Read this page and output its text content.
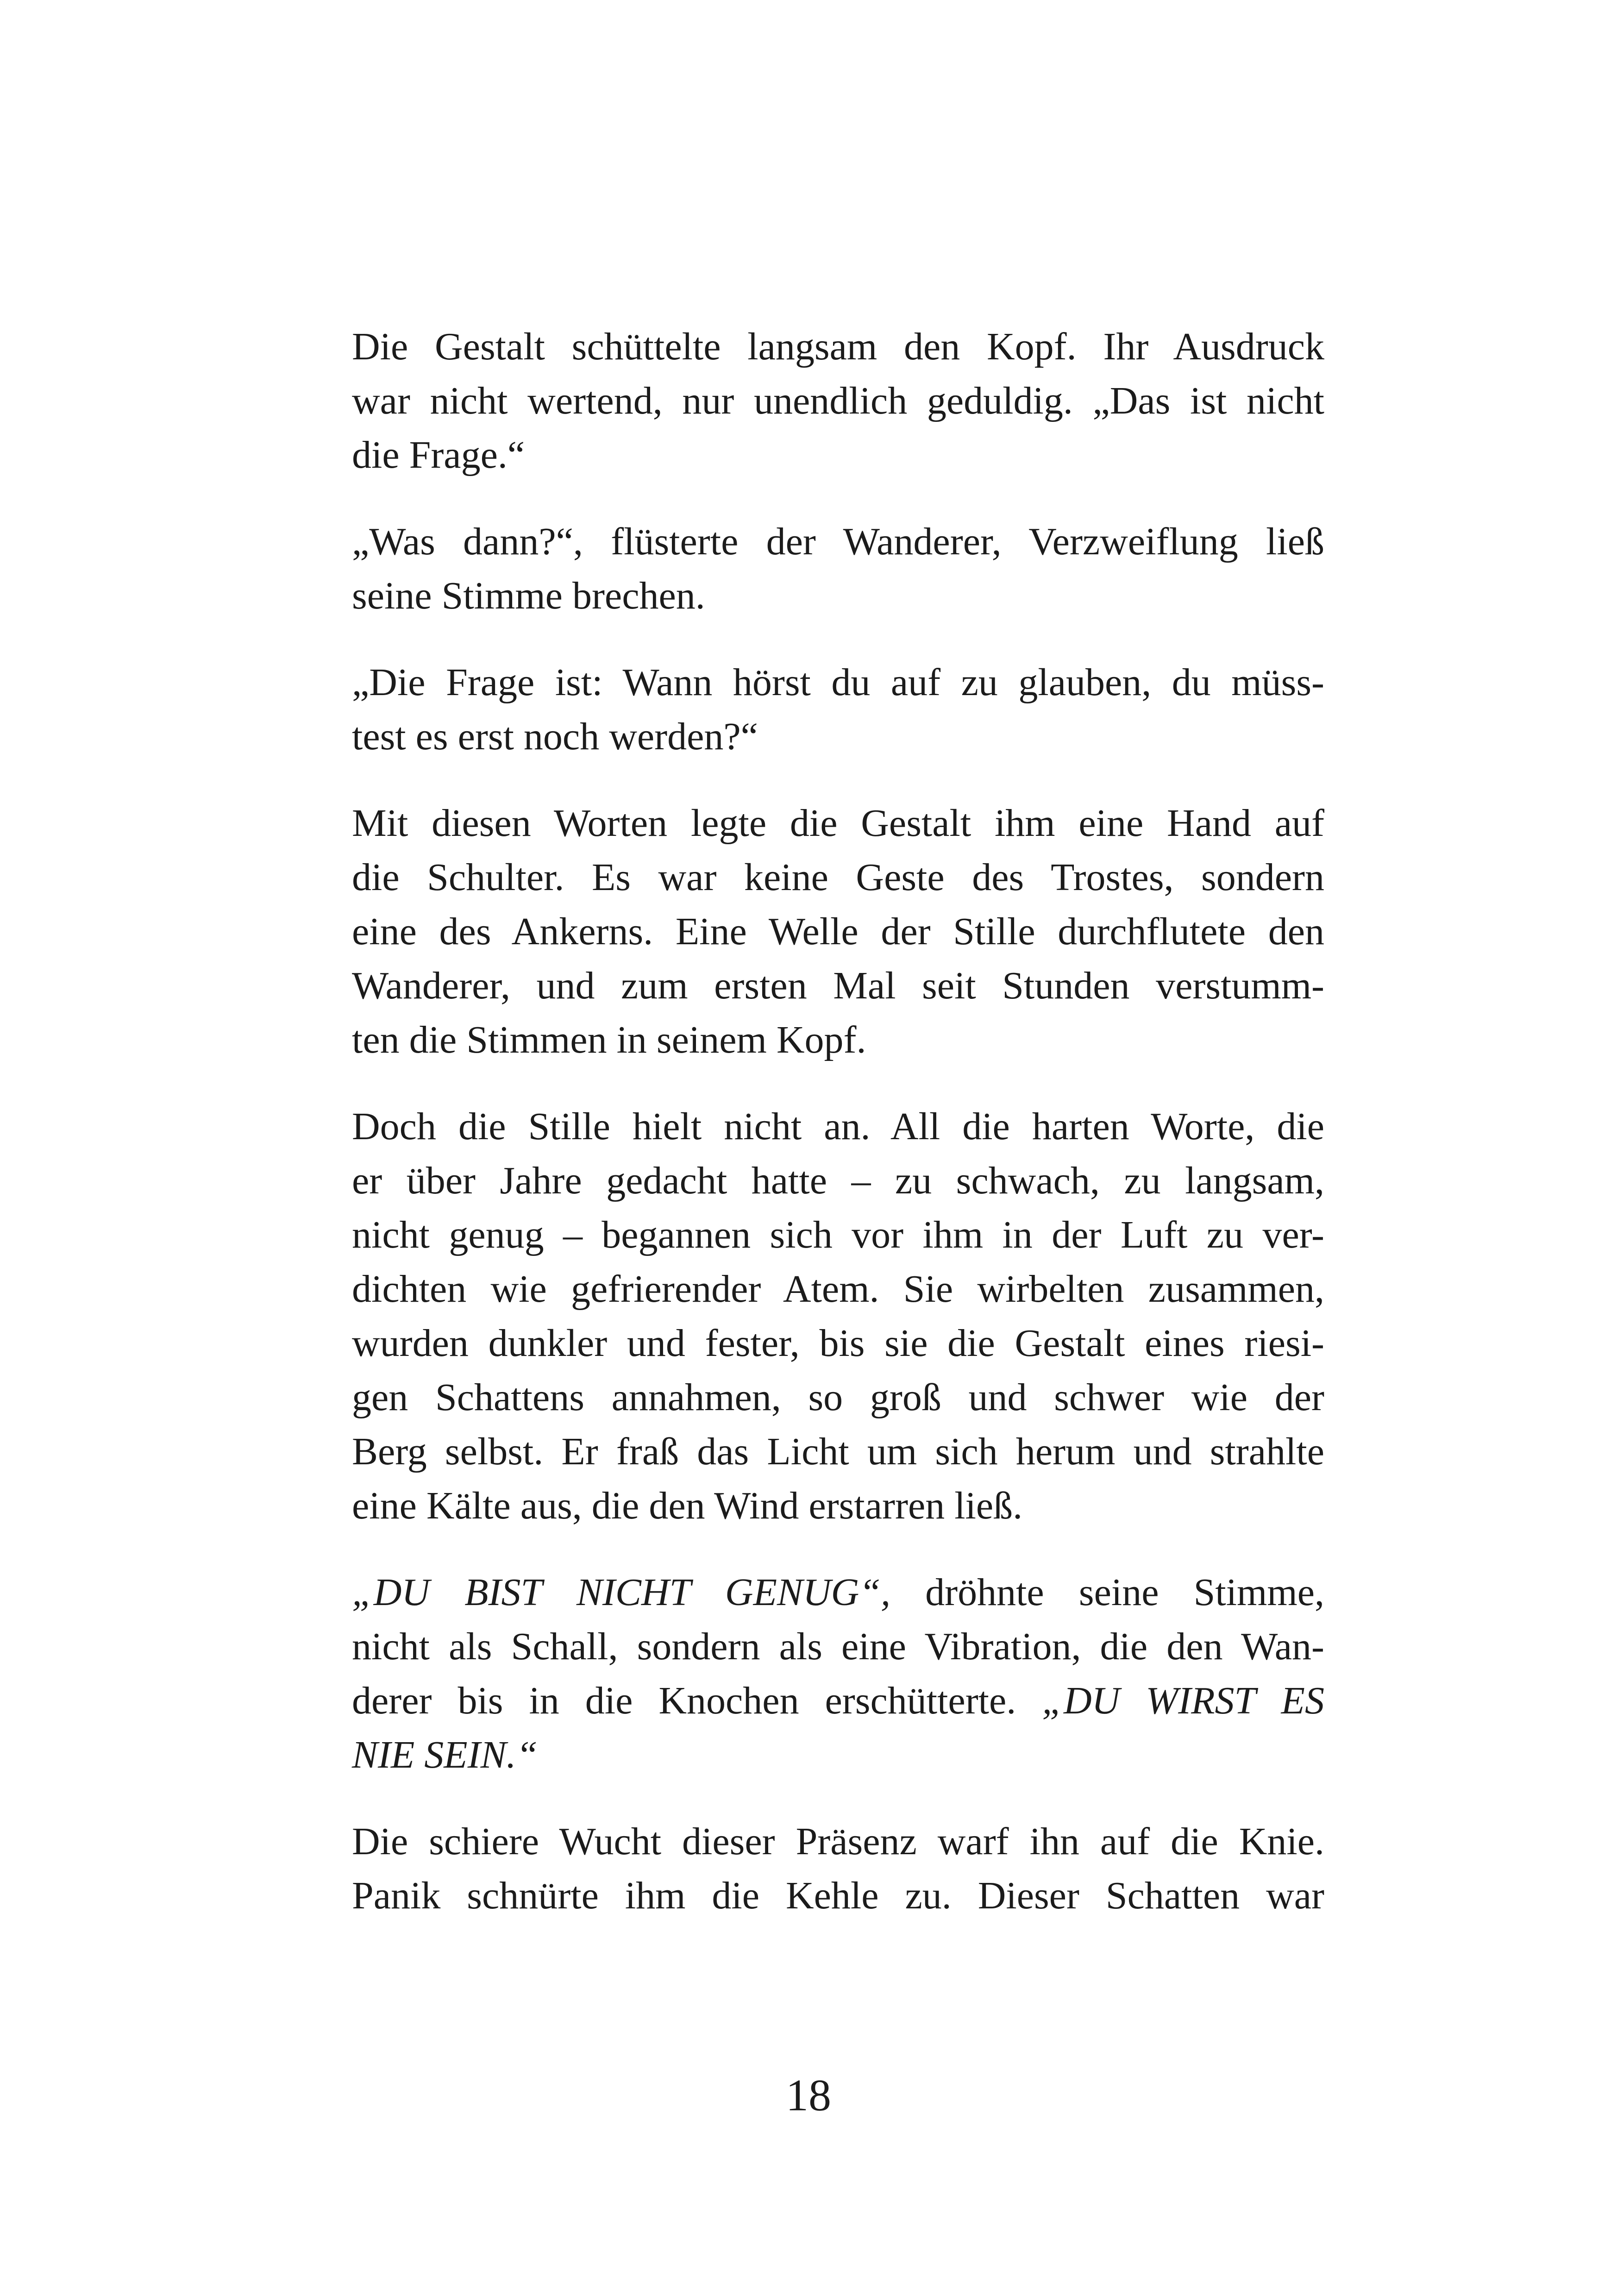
Die Gestalt schüttelte langsam den Kopf. Ihr Ausdruck
war nicht wertend, nur unendlich geduldig. „Das ist nicht
die Frage.“
„Was dann?“, flüsterte der Wanderer, Verzweiflung ließ
seine Stimme brechen.
„Die Frage ist: Wann hörst du auf zu glauben, du müss-
test es erst noch werden?“
Mit diesen Worten legte die Gestalt ihm eine Hand auf
die Schulter. Es war keine Geste des Trostes, sondern
eine des Ankerns. Eine Welle der Stille durchflutete den
Wanderer, und zum ersten Mal seit Stunden verstumm-
ten die Stimmen in seinem Kopf.
Doch die Stille hielt nicht an. All die harten Worte, die
er über Jahre gedacht hatte – zu schwach, zu langsam,
nicht genug – begannen sich vor ihm in der Luft zu ver-
dichten wie gefrierender Atem. Sie wirbelten zusammen,
wurden dunkler und fester, bis sie die Gestalt eines riesi-
gen Schattens annahmen, so groß und schwer wie der
Berg selbst. Er fraß das Licht um sich herum und strahlte
eine Kälte aus, die den Wind erstarren ließ.
„DU BIST NICHT GENUG“, dröhnte seine Stimme,
nicht als Schall, sondern als eine Vibration, die den Wan-
derer bis in die Knochen erschütterte. „DU WIRST ES
NIE SEIN.“
Die schiere Wucht dieser Präsenz warf ihn auf die Knie.
Panik schnürte ihm die Kehle zu. Dieser Schatten war
18
